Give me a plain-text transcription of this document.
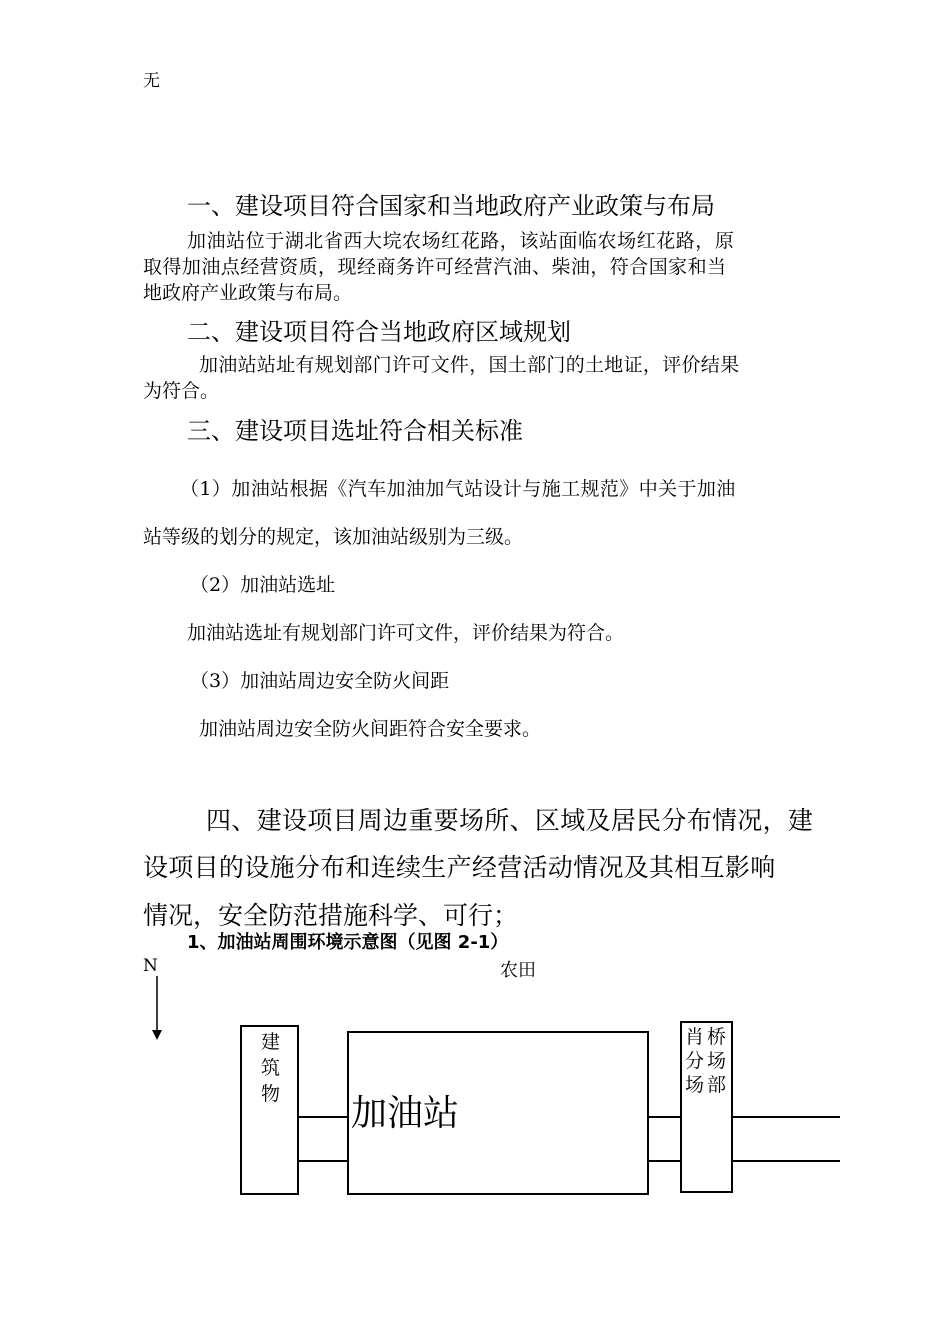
无
一、建设项目符合国家和当地政府产业政策与布局
加油站位于湖北省西大垸农场红花路，该站面临农场红花路，原
取得加油点经营资质，现经商务许可经营汽油、柴油，符合国家和当
地政府产业政策与布局。
二、建设项目符合当地政府区域规划
加油站站址有规划部门许可文件，国土部门的土地证，评价结果
为符合。
三、建设项目选址符合相关标准
（1）加油站根据《汽车加油加气站设计与施工规范》中关于加油
站等级的划分的规定，该加油站级别为三级。
（2）加油站选址
加油站选址有规划部门许可文件，评价结果为符合。
（3）加油站周边安全防火间距
加油站周边安全防火间距符合安全要求。
四、建设项目周边重要场所、区域及居民分布情况，建
设项目的设施分布和连续生产经营活动情况及其相互影响
情况，安全防范措施科学、可行；
1、加油站周围环境示意图（见图 2-1）
N	农田
建
筑
物 加油站
肖
分
场
桥
场
部
